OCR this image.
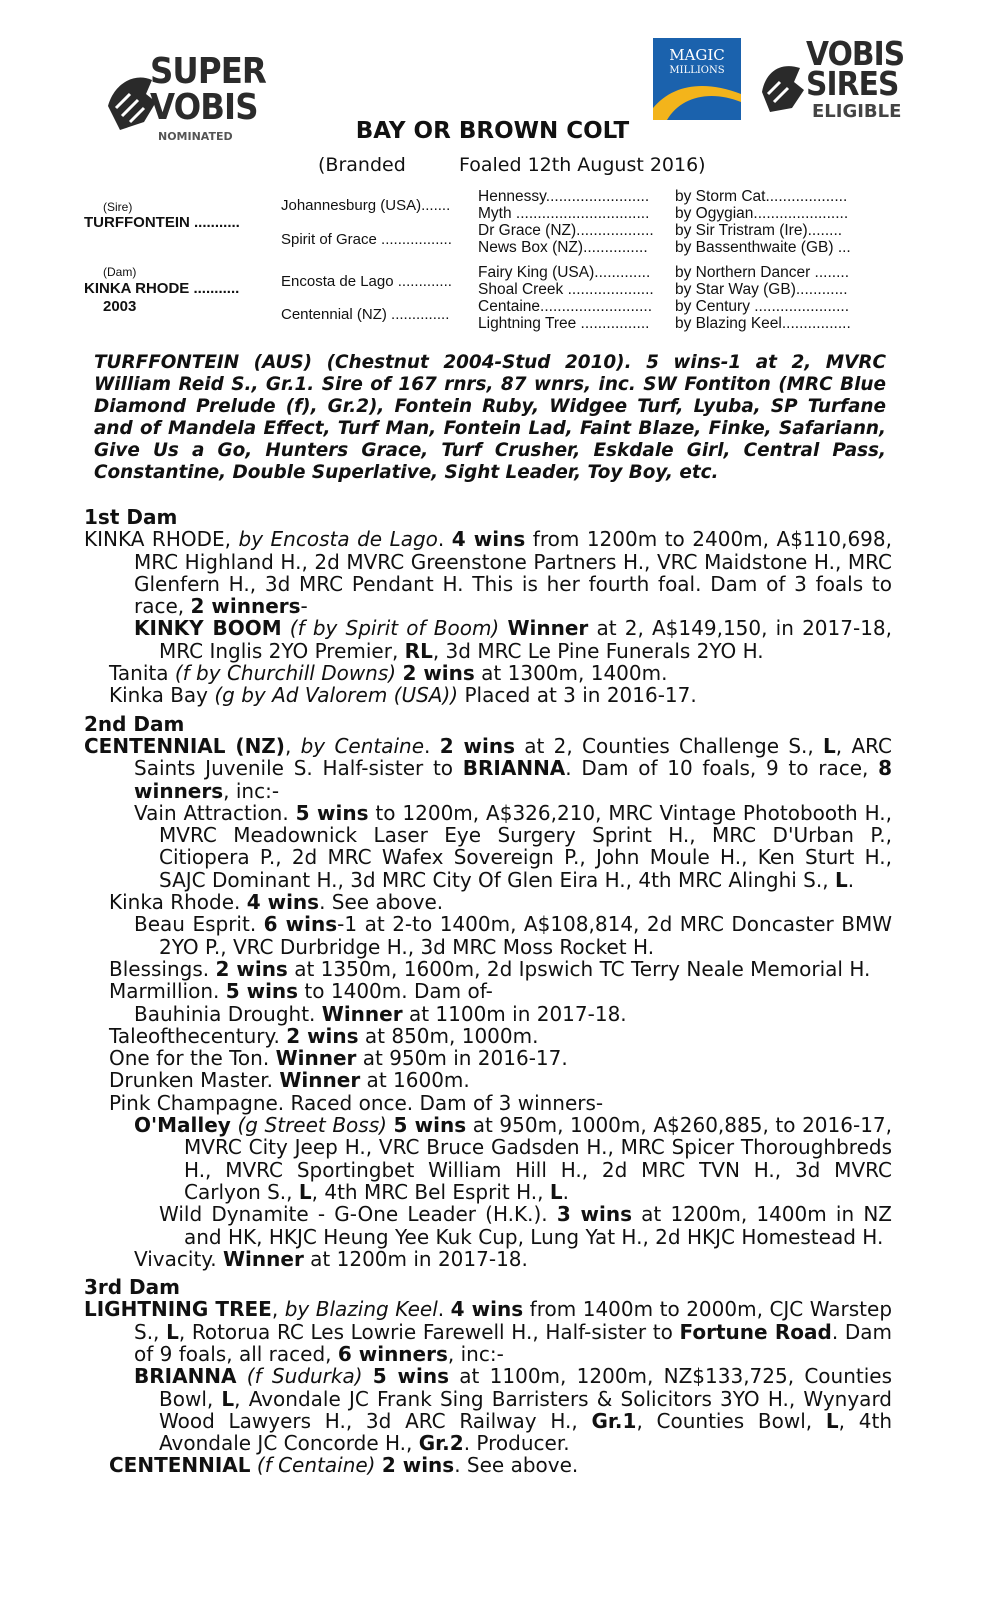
SUPER
VOBIS
NOMINATED
MAGIC
MILLIONS	VOBIS
SIRES
ELIGIBLE
BAY OR BROWN COLT
(Branded	Foaled 12th August 2016)
(Sire)
TURFFONTEIN ...........
(Dam)
KINKA RHODE ...........
2003
Johannesburg (USA).......
Spirit of Grace .................
Encosta de Lago .............
Centennial (NZ) ..............
Hennessy........................
Myth ...............................
Dr Grace (NZ)..................
News Box (NZ)...............
Fairy King (USA).............
Shoal Creek ....................
Centaine..........................
Lightning Tree ................
by Storm Cat...................
by Ogygian......................
by Sir Tristram (Ire)........
by Bassenthwaite (GB) ...
by Northern Dancer ........
by Star Way (GB)............
by Century ......................
by Blazing Keel................
TURFFONTEIN (AUS) (Chestnut 2004-Stud 2010). 5 wins-1 at 2, MVRC William Reid S., Gr.1. Sire of 167 rnrs, 87 wnrs, inc. SW Fontiton (MRC Blue Diamond Prelude (f), Gr.2), Fontein Ruby, Widgee Turf, Lyuba, SP Turfane and of Mandela Effect, Turf Man, Fontein Lad, Faint Blaze, Finke, Safariann, Give Us a Go, Hunters Grace, Turf Crusher, Eskdale Girl, Central Pass, Constantine, Double Superlative, Sight Leader, Toy Boy, etc.
1st Dam
KINKA RHODE, by Encosta de Lago. 4 wins from 1200m to 2400m, A$110,698, MRC Highland H., 2d MVRC Greenstone Partners H., VRC Maidstone H., MRC Glenfern H., 3d MRC Pendant H. This is her fourth foal. Dam of 3 foals to race, 2 winners-
KINKY BOOM (f by Spirit of Boom) Winner at 2, A$149,150, in 2017-18, MRC Inglis 2YO Premier, RL, 3d MRC Le Pine Funerals 2YO H.
Tanita (f by Churchill Downs) 2 wins at 1300m, 1400m.
Kinka Bay (g by Ad Valorem (USA)) Placed at 3 in 2016-17.
2nd Dam
CENTENNIAL (NZ), by Centaine. 2 wins at 2, Counties Challenge S., L, ARC Saints Juvenile S. Half-sister to BRIANNA. Dam of 10 foals, 9 to race, 8 winners, inc:-
Vain Attraction. 5 wins to 1200m, A$326,210, MRC Vintage Photobooth H., MVRC Meadownick Laser Eye Surgery Sprint H., MRC D'Urban P., Citiopera P., 2d MRC Wafex Sovereign P., John Moule H., Ken Sturt H., SAJC Dominant H., 3d MRC City Of Glen Eira H., 4th MRC Alinghi S., L.
Kinka Rhode. 4 wins. See above.
Beau Esprit. 6 wins-1 at 2-to 1400m, A$108,814, 2d MRC Doncaster BMW 2YO P., VRC Durbridge H., 3d MRC Moss Rocket H.
Blessings. 2 wins at 1350m, 1600m, 2d Ipswich TC Terry Neale Memorial H.
Marmillion. 5 wins to 1400m. Dam of-
Bauhinia Drought. Winner at 1100m in 2017-18.
Taleofthecentury. 2 wins at 850m, 1000m.
One for the Ton. Winner at 950m in 2016-17.
Drunken Master. Winner at 1600m.
Pink Champagne. Raced once. Dam of 3 winners-
O'Malley (g Street Boss) 5 wins at 950m, 1000m, A$260,885, to 2016-17, MVRC City Jeep H., VRC Bruce Gadsden H., MRC Spicer Thoroughbreds H., MVRC Sportingbet William Hill H., 2d MRC TVN H., 3d MVRC Carlyon S., L, 4th MRC Bel Esprit H., L.
Wild Dynamite - G-One Leader (H.K.). 3 wins at 1200m, 1400m in NZ and HK, HKJC Heung Yee Kuk Cup, Lung Yat H., 2d HKJC Homestead H.
Vivacity. Winner at 1200m in 2017-18.
3rd Dam
LIGHTNING TREE, by Blazing Keel. 4 wins from 1400m to 2000m, CJC Warstep S., L, Rotorua RC Les Lowrie Farewell H., Half-sister to Fortune Road. Dam of 9 foals, all raced, 6 winners, inc:-
BRIANNA (f Sudurka) 5 wins at 1100m, 1200m, NZ$133,725, Counties Bowl, L, Avondale JC Frank Sing Barristers & Solicitors 3YO H., Wynyard Wood Lawyers H., 3d ARC Railway H., Gr.1, Counties Bowl, L, 4th Avondale JC Concorde H., Gr.2. Producer.
CENTENNIAL (f Centaine) 2 wins. See above.
